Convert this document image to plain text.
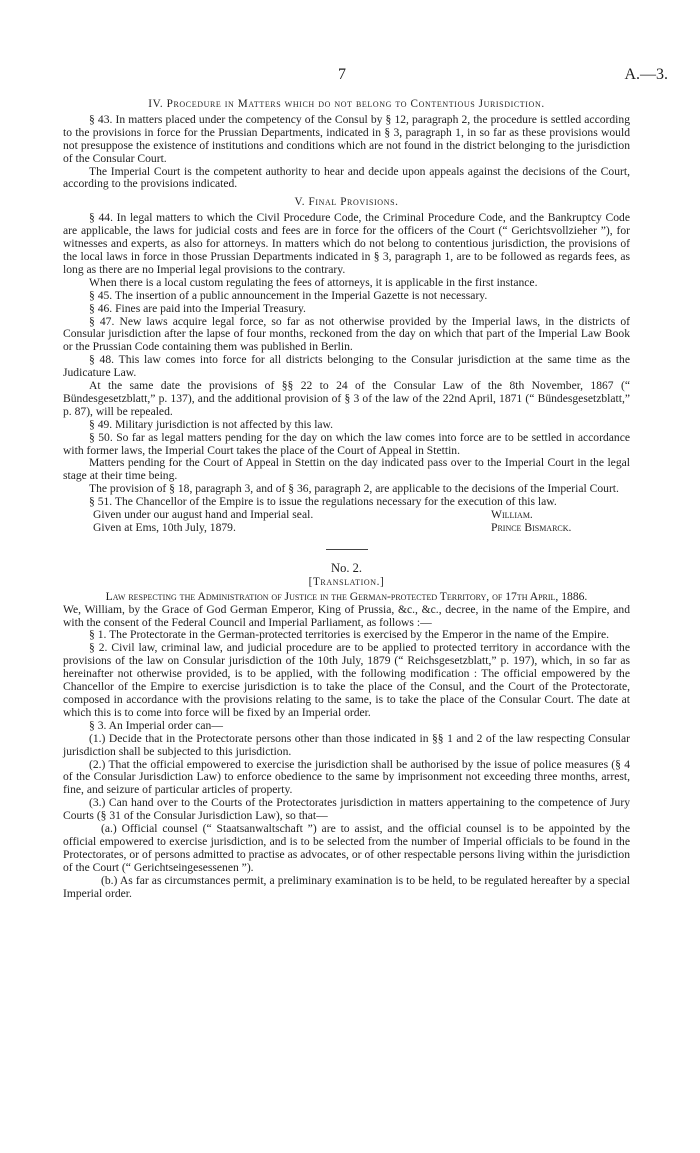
7	A.—3.
IV. Procedure in Matters which do not belong to Contentious Jurisdiction.

§ 43. In matters placed under the competency of the Consul by § 12, paragraph 2, the procedure is settled according to the provisions in force for the Prussian Departments, indicated in § 3, paragraph 1, in so far as these provisions would not presuppose the existence of institutions and conditions which are not found in the district belonging to the jurisdiction of the Consular Court.

The Imperial Court is the competent authority to hear and decide upon appeals against the decisions of the Court, according to the provisions indicated.

V. Final Provisions.

§ 44. In legal matters to which the Civil Procedure Code, the Criminal Procedure Code, and the Bankruptcy Code are applicable, the laws for judicial costs and fees are in force for the officers of the Court (“ Gerichtsvollzieher ”), for witnesses and experts, as also for attorneys. In matters which do not belong to contentious jurisdiction, the provisions of the local laws in force in those Prussian Departments indicated in § 3, paragraph 1, are to be followed as regards fees, as long as there are no Imperial legal provisions to the contrary.

When there is a local custom regulating the fees of attorneys, it is applicable in the first instance.

§ 45. The insertion of a public announcement in the Imperial Gazette is not necessary.

§ 46. Fines are paid into the Imperial Treasury.

§ 47. New laws acquire legal force, so far as not otherwise provided by the Imperial laws, in the districts of Consular jurisdiction after the lapse of four months, reckoned from the day on which that part of the Imperial Law Book or the Prussian Code containing them was published in Berlin.

§ 48. This law comes into force for all districts belonging to the Consular jurisdiction at the same time as the Judicature Law.

At the same date the provisions of §§ 22 to 24 of the Consular Law of the 8th November, 1867 (“ Bündesgesetzblatt,” p. 137), and the additional provision of § 3 of the law of the 22nd April, 1871 (“ Bündesgesetzblatt,” p. 87), will be repealed.

§ 49. Military jurisdiction is not affected by this law.

§ 50. So far as legal matters pending for the day on which the law comes into force are to be settled in accordance with former laws, the Imperial Court takes the place of the Court of Appeal in Stettin.

Matters pending for the Court of Appeal in Stettin on the day indicated pass over to the Imperial Court in the legal stage at their time being.

The provision of § 18, paragraph 3, and of § 36, paragraph 2, are applicable to the decisions of the Imperial Court.

§ 51. The Chancellor of the Empire is to issue the regulations necessary for the execution of this law.

Given under our august hand and Imperial seal.
Given at Ems, 10th July, 1879.
William.
Prince Bismarck.
No. 2.
[Translation.]

Law respecting the Administration of Justice in the German-protected Territory, of 17th April, 1886.

We, William, by the Grace of God German Emperor, King of Prussia, &c., &c., decree, in the name of the Empire, and with the consent of the Federal Council and Imperial Parliament, as follows :—

§ 1. The Protectorate in the German-protected territories is exercised by the Emperor in the name of the Empire.

§ 2. Civil law, criminal law, and judicial procedure are to be applied to protected territory in accordance with the provisions of the law on Consular jurisdiction of the 10th July, 1879 (“ Reichsgesetzblatt,” p. 197), which, in so far as hereinafter not otherwise provided, is to be applied, with the following modification : The official empowered by the Chancellor of the Empire to exercise jurisdiction is to take the place of the Consul, and the Court of the Protectorate, composed in accordance with the provisions relating to the same, is to take the place of the Consular Court. The date at which this is to come into force will be fixed by an Imperial order.

§ 3. An Imperial order can—

(1.) Decide that in the Protectorate persons other than those indicated in §§ 1 and 2 of the law respecting Consular jurisdiction shall be subjected to this jurisdiction.

(2.) That the official empowered to exercise the jurisdiction shall be authorised by the issue of police measures (§ 4 of the Consular Jurisdiction Law) to enforce obedience to the same by imprisonment not exceeding three months, arrest, fine, and seizure of particular articles of property.

(3.) Can hand over to the Courts of the Protectorates jurisdiction in matters appertaining to the competence of Jury Courts (§ 31 of the Consular Jurisdiction Law), so that—

(a.) Official counsel (“ Staatsanwaltschaft ”) are to assist, and the official counsel is to be appointed by the official empowered to exercise jurisdiction, and is to be selected from the number of Imperial officials to be found in the Protectorates, or of persons admitted to practise as advocates, or of other respectable persons living within the jurisdiction of the Court (“ Gerichtseingesessenen ”).

(b.) As far as circumstances permit, a preliminary examination is to be held, to be regulated hereafter by a special Imperial order.
